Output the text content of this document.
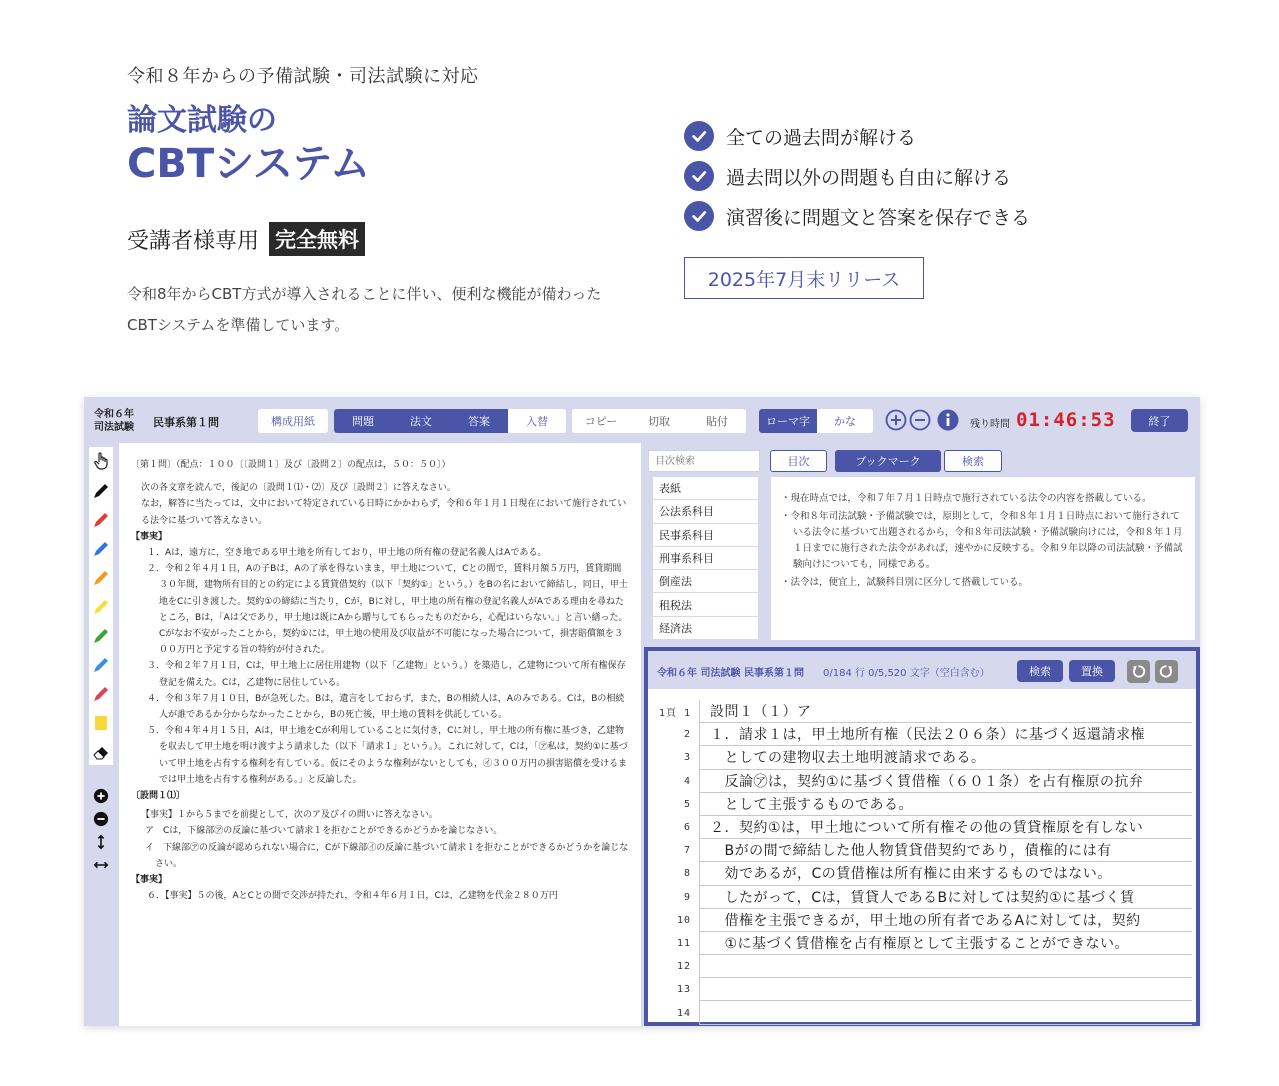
令和８年からの予備試験・司法試験に対応
論文試験の
CBTシステム
受講者様専用 完全無料

令和8年からCBT方式が導入されることに伴い、便利な機能が備わったCBTシステムを準備しています。

全ての過去問が解ける
過去問以外の問題も自由に解ける
演習後に問題文と答案を保存できる
2025年7月末リリース
令和６年
司法試験 民事系第１問	構成用紙	問題	法文	答案	入替	コピー	切取	貼付	ローマ字	かな	残り時間 01:46:53	終了

〔第１問〕（配点：１００〔〔設問１〕及び〔設問２〕の配点は，５０：５０〕）

次の各文章を読んで，後記の〔設問１⑴・⑵〕及び〔設問２〕に答えなさい。

なお，解答に当たっては，文中において特定されている日時にかかわらず，令和６年１月１日現在において施行されている法令に基づいて答えなさい。

【事実】

１．Aは，遠方に，空き地である甲土地を所有しており，甲土地の所有権の登記名義人はAである。

２．令和２年４月１日，Aの子Bは，Aの了承を得ないまま，甲土地について，Cとの間で，賃料月額５万円，賃貸期間３０年間，建物所有目的との約定による賃貸借契約（以下「契約①」という。）をBの名において締結し，同日，甲土地をCに引き渡した。契約①の締結に当たり，Cが，Bに対し，甲土地の所有権の登記名義人がAである理由を尋ねたところ，Bは，「Aは父であり，甲土地は既にAから贈与してもらったものだから，心配はいらない。」と言い繕った。Cがなお不安がったことから，契約①には，甲土地の使用及び収益が不可能になった場合について，損害賠償額を３００万円と予定する旨の特約が付された。

３．令和２年７月１日，Cは，甲土地上に居住用建物（以下「乙建物」という。）を築造し，乙建物について所有権保存登記を備えた。Cは，乙建物に居住している。

４．令和３年７月１０日，Bが急死した。Bは，遺言をしておらず，また，Bの相続人は，Aのみである。Cは，Bの相続人が誰であるか分からなかったことから，Bの死亡後，甲土地の賃料を供託している。

５．令和４年４月１５日，Aは，甲土地をCが利用していることに気付き，Cに対し，甲土地の所有権に基づき，乙建物を収去して甲土地を明け渡すよう請求した（以下「請求１」という。）。これに対して，Cは，「㋐私は，契約①に基づいて甲土地を占有する権利を有している。仮にそのような権利がないとしても，㋑３００万円の損害賠償を受けるまでは甲土地を占有する権利がある。」と反論した。

〔設問１⑴〕

【事実】１から５までを前提として，次のア及びイの問いに答えなさい。

ア　Cは，下線部㋐の反論に基づいて請求１を拒むことができるかどうかを論じなさい。

イ　下線部㋐の反論が認められない場合に，Cが下線部㋑の反論に基づいて請求１を拒むことができるかどうかを論じなさい。

【事実】

６．【事実】５の後，AとCとの間で交渉が持たれ，令和４年６月１日，Cは，乙建物を代金２８０万円

目次検索
目次	ブックマーク	検索
表紙
公法系科目
民事系科目
刑事系科目
倒産法
租税法
経済法
・現在時点では，令和７年７月１日時点で施行されている法令の内容を搭載している。
・令和８年司法試験・予備試験では，原則として，令和８年１月１日時点において施行されている法令に基づいて出題されるから，令和８年司法試験・予備試験向けには，令和８年１月１日までに施行された法令があれば，速やかに反映する。令和９年以降の司法試験・予備試験向けについても，同様である。
・法令は，便宜上，試験科目別に区分して搭載している。
令和６年 司法試験 民事系第１問 0/184 行 0/5,520 文字（空白含む）	検索	置換
1頁 1	設問１（１）ア
2	１．請求１は，甲土地所有権（民法２０６条）に基づく返還請求権
3	　としての建物収去土地明渡請求である。
4	　反論㋐は，契約①に基づく賃借権（６０１条）を占有権原の抗弁
5	　として主張するものである。
6	２．契約①は，甲土地について所有権その他の賃貸権原を有しない
7	　Bがの間で締結した他人物賃貸借契約であり，債権的には有
8	　効であるが，Cの賃借権は所有権に由来するものではない。
9	　したがって，Cは，賃貸人であるBに対しては契約①に基づく賃
10	　借権を主張できるが，甲土地の所有者であるAに対しては，契約
11	　①に基づく賃借権を占有権原として主張することができない。
12
13
14
